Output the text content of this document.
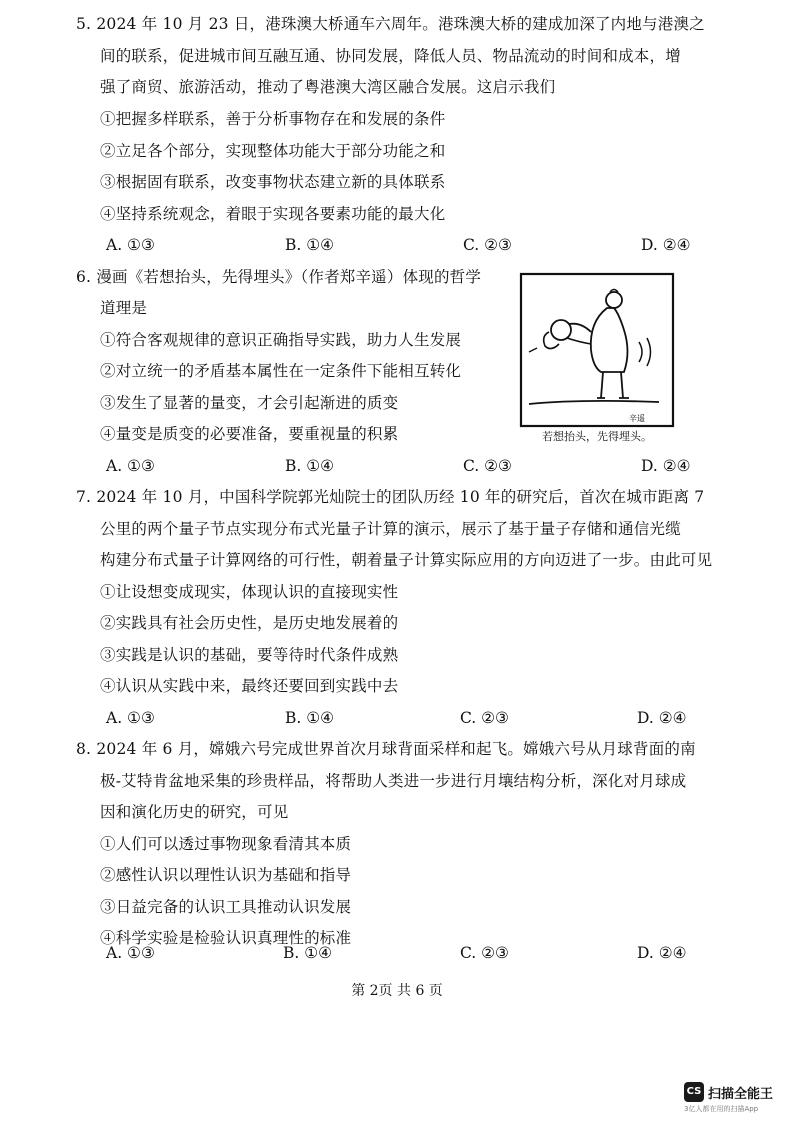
5. 2024 年 10 月 23 日，港珠澳大桥通车六周年。港珠澳大桥的建成加深了内地与港澳之
间的联系，促进城市间互融互通、协同发展，降低人员、物品流动的时间和成本，增
强了商贸、旅游活动，推动了粤港澳大湾区融合发展。这启示我们
①把握多样联系，善于分析事物存在和发展的条件
②立足各个部分，实现整体功能大于部分功能之和
③根据固有联系，改变事物状态建立新的具体联系
④坚持系统观念，着眼于实现各要素功能的最大化
A. ①③	B. ①④	C. ②③	D. ②④
6. 漫画《若想抬头，先得埋头》（作者郑辛遥）体现的哲学
道理是
①符合客观规律的意识正确指导实践，助力人生发展
②对立统一的矛盾基本属性在一定条件下能相互转化
③发生了显著的量变，才会引起渐进的质变
④量变是质变的必要准备，要重视量的积累
A. ①③	B. ①④	C. ②③	D. ②④
辛遥
若想抬头，先得埋头。
7. 2024 年 10 月，中国科学院郭光灿院士的团队历经 10 年的研究后，首次在城市距离 7
公里的两个量子节点实现分布式光量子计算的演示，展示了基于量子存储和通信光缆
构建分布式量子计算网络的可行性，朝着量子计算实际应用的方向迈进了一步。由此可见
①让设想变成现实，体现认识的直接现实性
②实践具有社会历史性，是历史地发展着的
③实践是认识的基础，要等待时代条件成熟
④认识从实践中来，最终还要回到实践中去
A. ①③	B. ①④	C. ②③	D. ②④
8. 2024 年 6 月，嫦娥六号完成世界首次月球背面采样和起飞。嫦娥六号从月球背面的南
极-艾特肯盆地采集的珍贵样品，将帮助人类进一步进行月壤结构分析，深化对月球成
因和演化历史的研究，可见
①人们可以透过事物现象看清其本质
②感性认识以理性认识为基础和指导
③日益完备的认识工具推动认识发展
④科学实验是检验认识真理性的标准
A. ①③	B. ①④	C. ②③	D. ②④
第 2页 共 6 页
CS 扫描全能王
3亿人都在用的扫描App
